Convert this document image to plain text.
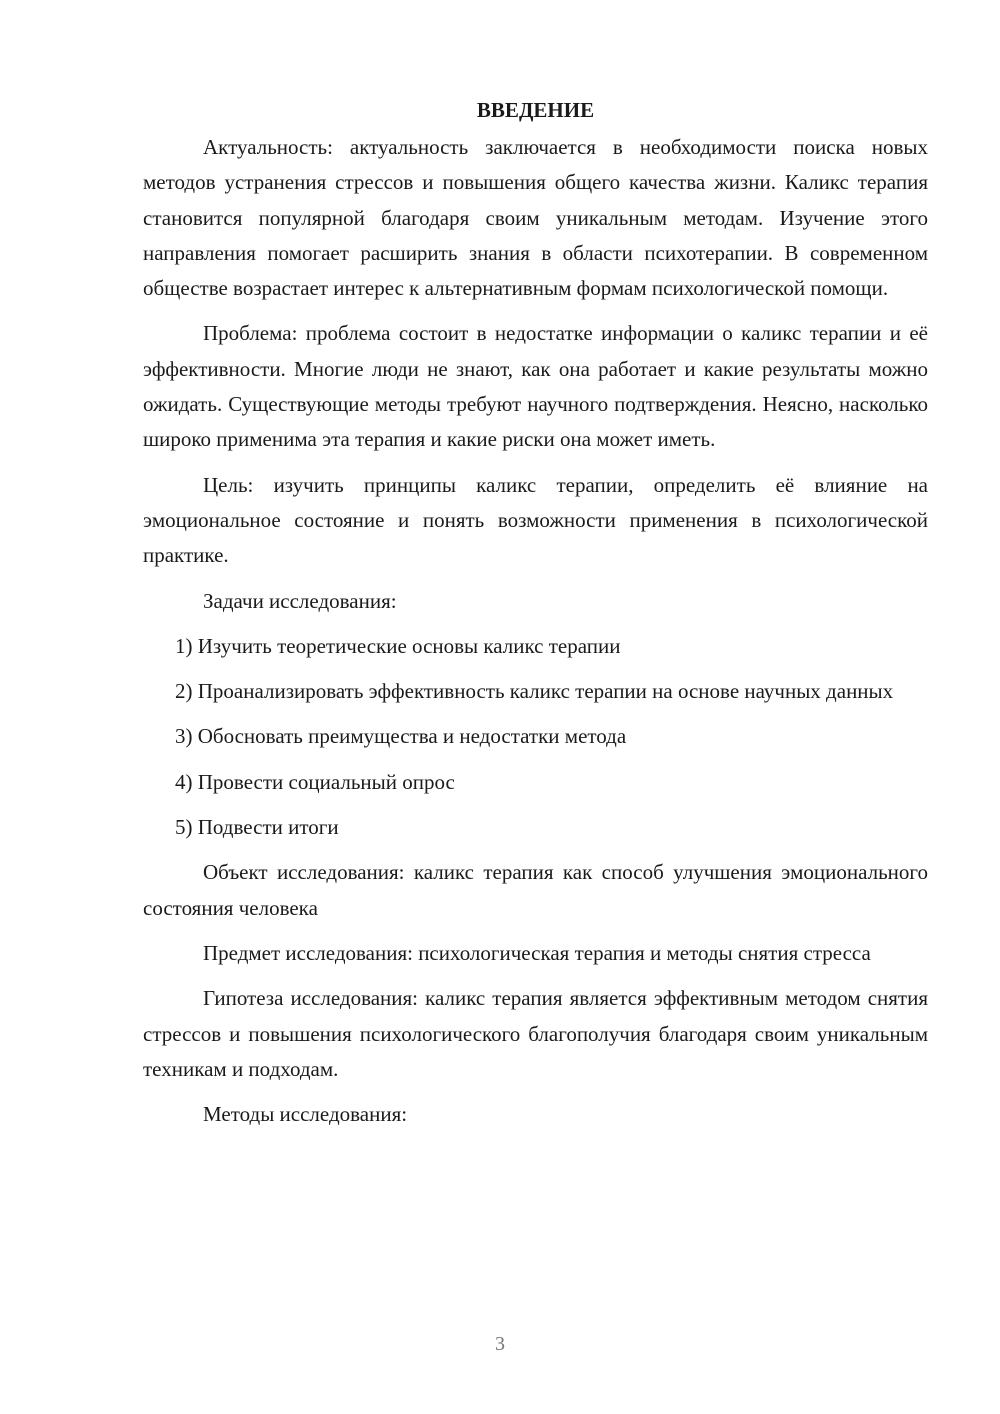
ВВЕДЕНИЕ

Актуальность: актуальность заключается в необходимости поиска новых методов устранения стрессов и повышения общего качества жизни. Каликс терапия становится популярной благодаря своим уникальным методам. Изучение этого направления помогает расширить знания в области психотерапии. В современном обществе возрастает интерес к альтернативным формам психологической помощи.

Проблема: проблема состоит в недостатке информации о каликс терапии и её эффективности. Многие люди не знают, как она работает и какие результаты можно ожидать. Существующие методы требуют научного подтверждения. Неясно, насколько широко применима эта терапия и какие риски она может иметь.

Цель: изучить принципы каликс терапии, определить её влияние на эмоциональное состояние и понять возможности применения в психологической практике.

Задачи исследования:

1) Изучить теоретические основы каликс терапии

2) Проанализировать эффективность каликс терапии на основе научных данных

3) Обосновать преимущества и недостатки метода

4) Провести социальный опрос

5) Подвести итоги

Объект исследования: каликс терапия как способ улучшения эмоционального состояния человека

Предмет исследования: психологическая терапия и методы снятия стресса

Гипотеза исследования: каликс терапия является эффективным методом снятия стрессов и повышения психологического благополучия благодаря своим уникальным техникам и подходам.

Методы исследования:

3
